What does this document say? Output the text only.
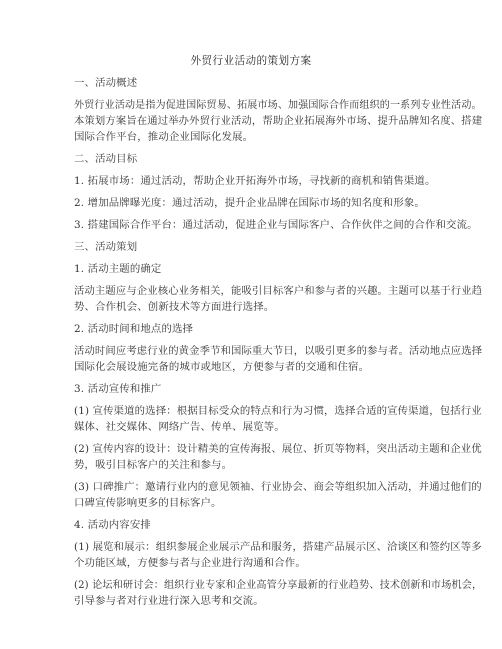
外贸行业活动的策划方案
一、活动概述
外贸行业活动是指为促进国际贸易、拓展市场、加强国际合作而组织的一系列专业性活动。
本策划方案旨在通过举办外贸行业活动，帮助企业拓展海外市场、提升品牌知名度、搭建
国际合作平台，推动企业国际化发展。
二、活动目标
1. 拓展市场：通过活动，帮助企业开拓海外市场，寻找新的商机和销售渠道。
2. 增加品牌曝光度：通过活动，提升企业品牌在国际市场的知名度和形象。
3. 搭建国际合作平台：通过活动，促进企业与国际客户、合作伙伴之间的合作和交流。
三、活动策划
1. 活动主题的确定
活动主题应与企业核心业务相关，能吸引目标客户和参与者的兴趣。主题可以基于行业趋
势、合作机会、创新技术等方面进行选择。
2. 活动时间和地点的选择
活动时间应考虑行业的黄金季节和国际重大节日，以吸引更多的参与者。活动地点应选择
国际化会展设施完备的城市或地区，方便参与者的交通和住宿。
3. 活动宣传和推广
(1) 宣传渠道的选择：根据目标受众的特点和行为习惯，选择合适的宣传渠道，包括行业
媒体、社交媒体、网络广告、传单、展览等。
(2) 宣传内容的设计：设计精美的宣传海报、展位、折页等物料，突出活动主题和企业优
势，吸引目标客户的关注和参与。
(3) 口碑推广：邀请行业内的意见领袖、行业协会、商会等组织加入活动，并通过他们的
口碑宣传影响更多的目标客户。
4. 活动内容安排
(1) 展览和展示：组织参展企业展示产品和服务，搭建产品展示区、洽谈区和签约区等多
个功能区域，方便参与者与企业进行沟通和合作。
(2) 论坛和研讨会：组织行业专家和企业高管分享最新的行业趋势、技术创新和市场机会，
引导参与者对行业进行深入思考和交流。
